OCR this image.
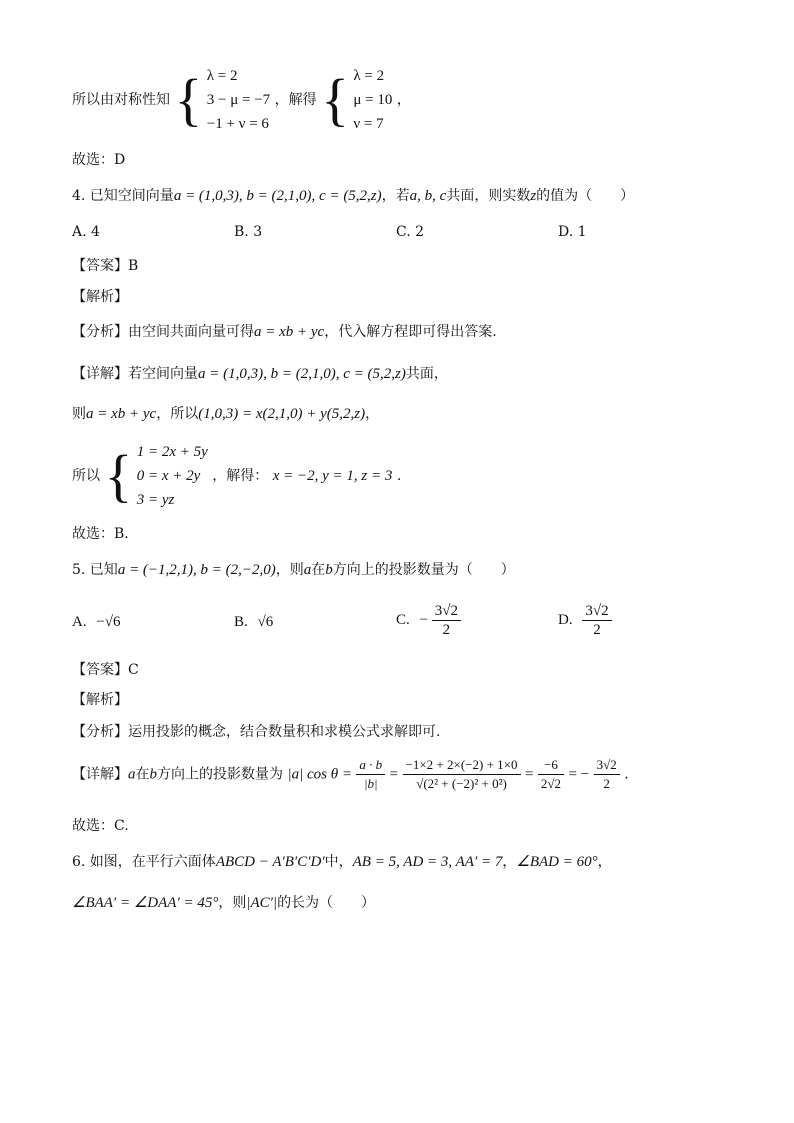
所以由对称性知 { λ = 2
3 − μ = −7
−1 + ν = 6
，解得 { λ = 2
μ = 10
ν = 7
，
故选：D
4. 已知空间向量a = (1,0,3), b = (2,1,0), c = (5,2,z)，若a, b, c共面，则实数z的值为（　　）
A. 4	B. 3	C. 2	D. 1
【答案】B
【解析】
【分析】由空间共面向量可得a = xb + yc，代入解方程即可得出答案.
【详解】若空间向量a = (1,0,3), b = (2,1,0), c = (5,2,z)共面，
则a = xb + yc，所以(1,0,3) = x(2,1,0) + y(5,2,z)，
所以 { 1 = 2x + 5y
0 = x + 2y
3 = yz
，解得： x = −2, y = 1, z = 3 .
故选：B.
5. 已知a = (−1,2,1), b = (2,−2,0)，则a在b方向上的投影数量为（　　）
A. −√6	B. √6	C. − $\frac{3√2}{2}$	D. $\frac{3√2}{2}$
【答案】C
【解析】
【分析】运用投影的概念，结合数量积和求模公式求解即可.
【详解】a在b方向上的投影数量为 |a| $\cos \theta = \frac{a \cdot b}{|b|} = \frac{-1\times 2 + 2\times(-2) + 1\times 0}{\text{√(2² + (−2)² + 0²)}} = \frac{-6}{2√2}$ = − $\frac{3√2}{2}$ .
故选：C.
6. 如图，在平行六面体ABCD − A′B′C′D′中，AB = 5, AD = 3, AA′ = 7，∠BAD = 60°，
∠BAA′ = ∠DAA′ = 45°，则|AC′|的长为（　　）
